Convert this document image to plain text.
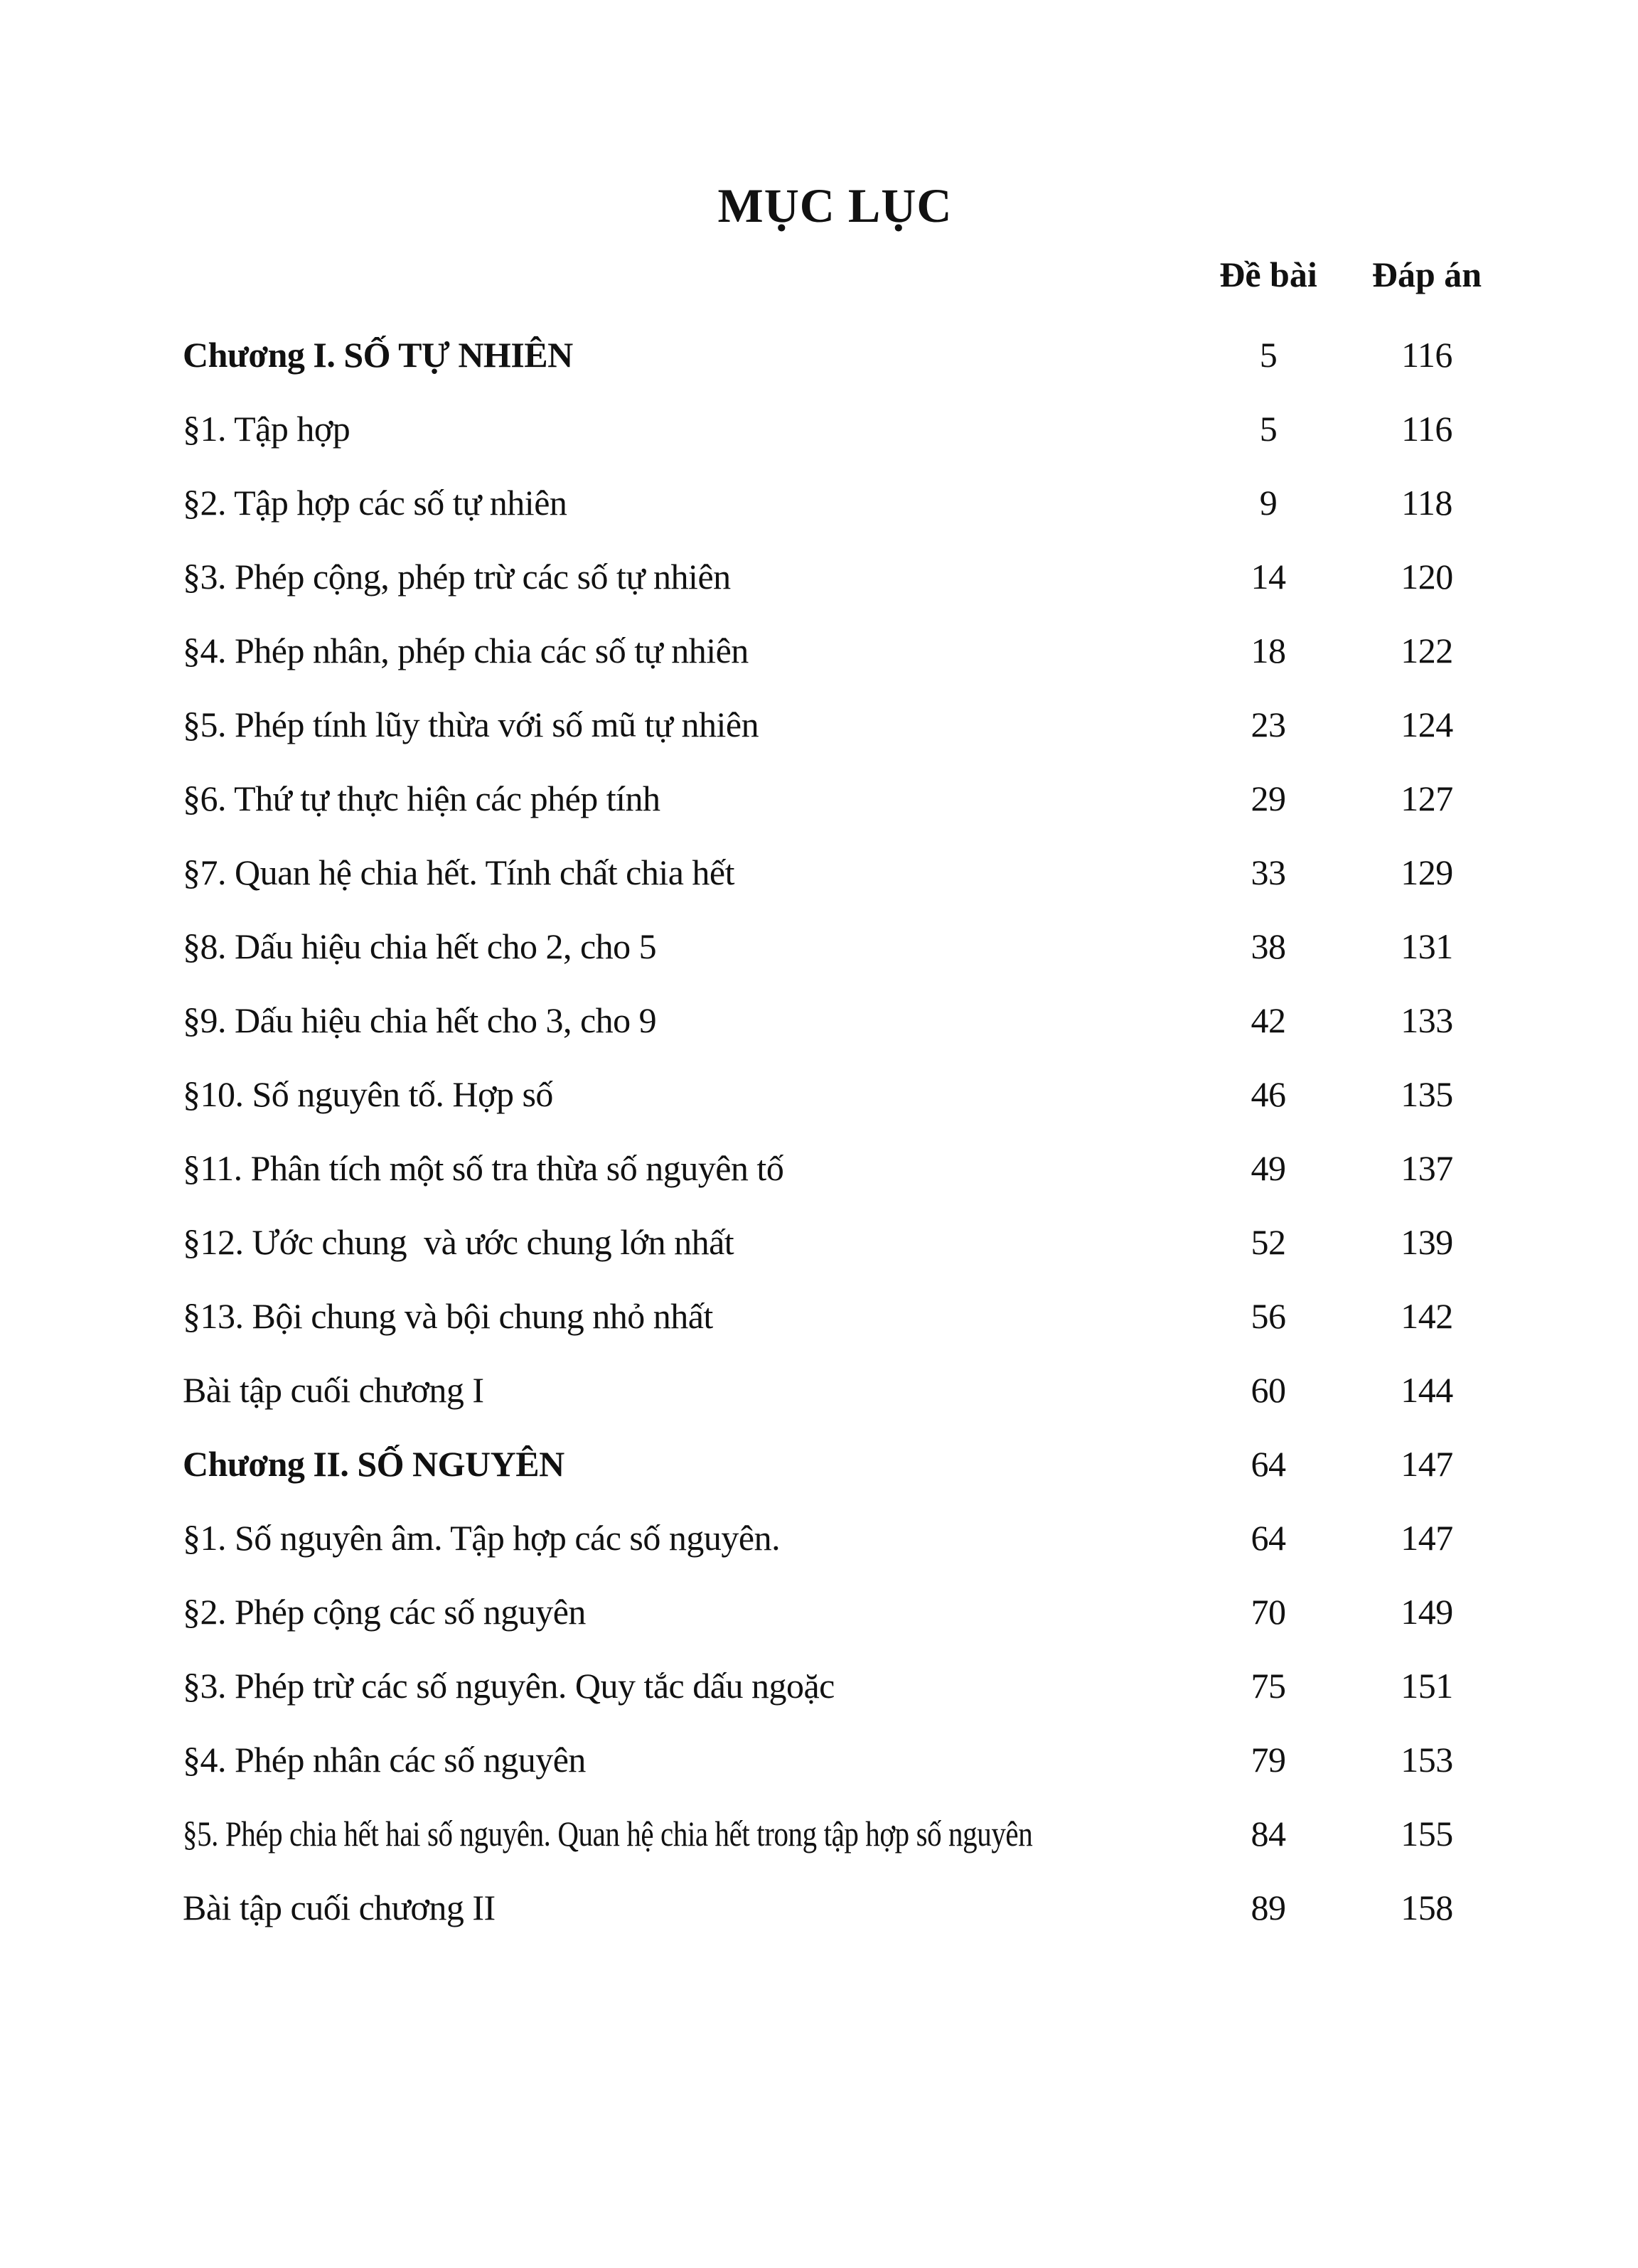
MỤC LỤC
Đề bài	Đáp án
Chương I. SỐ TỰ NHIÊN	5	116
§1. Tập hợp	5	116
§2. Tập hợp các số tự nhiên	9	118
§3. Phép cộng, phép trừ các số tự nhiên	14	120
§4. Phép nhân, phép chia các số tự nhiên	18	122
§5. Phép tính lũy thừa với số mũ tự nhiên	23	124
§6. Thứ tự thực hiện các phép tính	29	127
§7. Quan hệ chia hết. Tính chất chia hết	33	129
§8. Dấu hiệu chia hết cho 2, cho 5	38	131
§9. Dấu hiệu chia hết cho 3, cho 9	42	133
§10. Số nguyên tố. Hợp số	46	135
§11. Phân tích một số tra thừa số nguyên tố	49	137
§12. Ước chung  và ước chung lớn nhất	52	139
§13. Bội chung và bội chung nhỏ nhất	56	142
Bài tập cuối chương I	60	144
Chương II. SỐ NGUYÊN	64	147
§1. Số nguyên âm. Tập hợp các số nguyên.	64	147
§2. Phép cộng các số nguyên	70	149
§3. Phép trừ các số nguyên. Quy tắc dấu ngoặc	75	151
§4. Phép nhân các số nguyên	79	153
§5. Phép chia hết hai số nguyên. Quan hệ chia hết trong tập hợp số nguyên	84	155
Bài tập cuối chương II	89	158
